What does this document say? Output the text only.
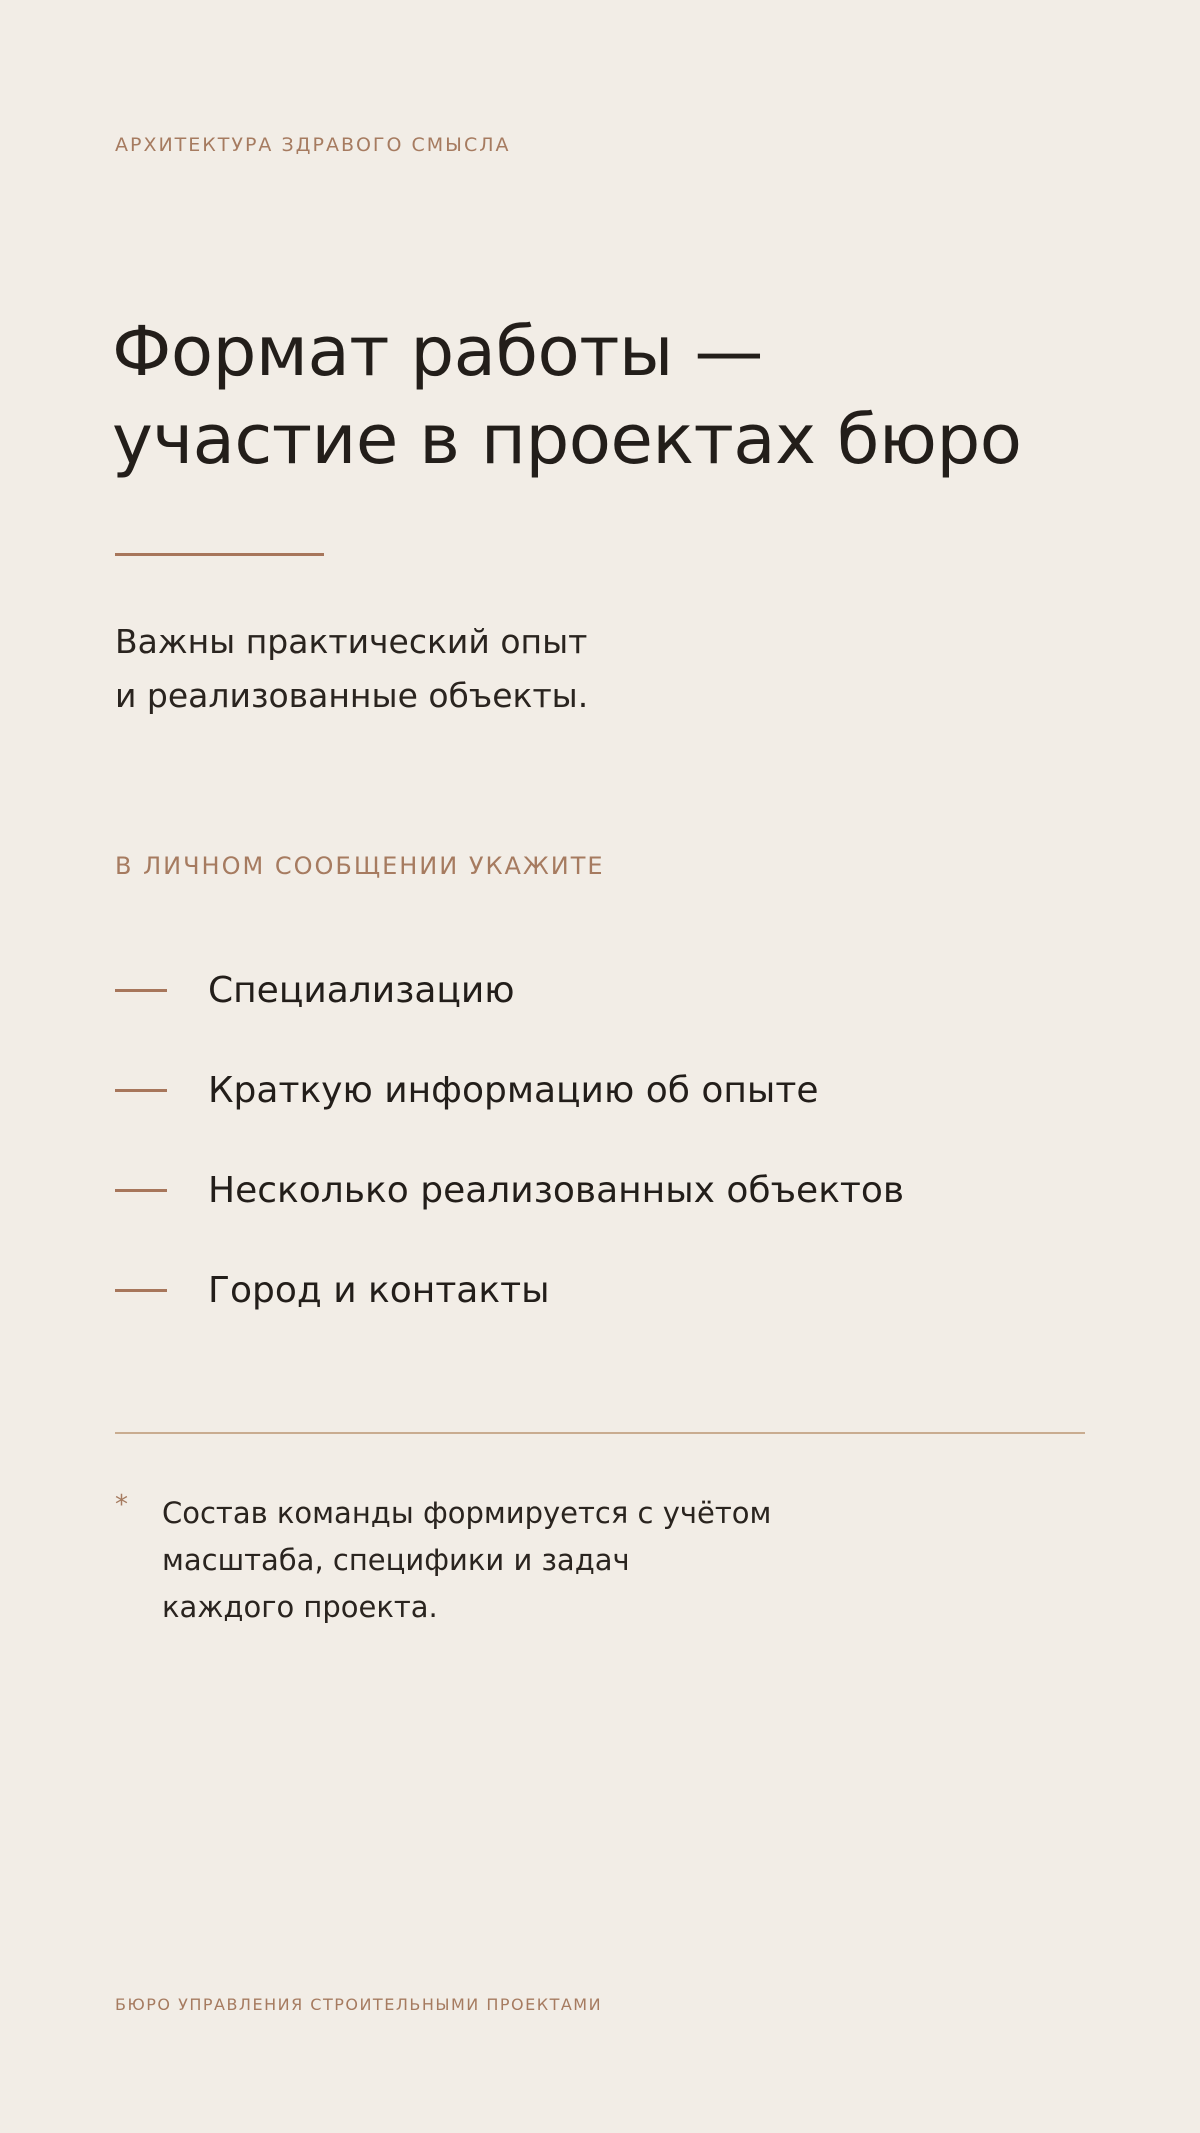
АРХИТЕКТУРА ЗДРАВОГО СМЫСЛА
Формат работы —
участие в проектах бюро
Важны практический опыт
и реализованные объекты.
В ЛИЧНОМ СООБЩЕНИИ УКАЖИТЕ
Специализацию
Краткую информацию об опыте
Несколько реализованных объектов
Город и контакты
* Состав команды формируется с учётом
масштаба, специфики и задач
каждого проекта.
БЮРО УПРАВЛЕНИЯ СТРОИТЕЛЬНЫМИ ПРОЕКТАМИ
